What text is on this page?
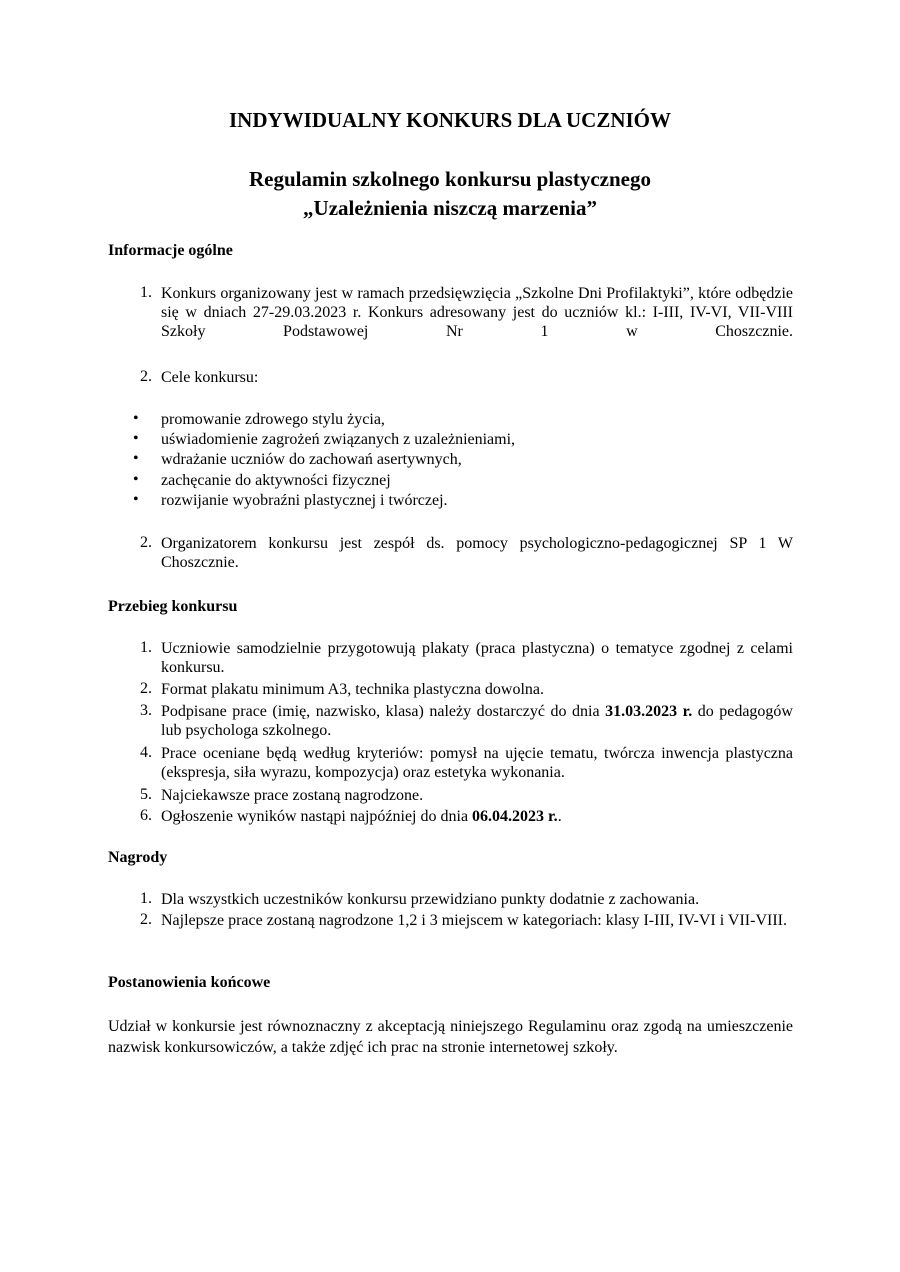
INDYWIDUALNY KONKURS DLA UCZNIÓW
Regulamin szkolnego konkursu plastycznego
„Uzależnienia niszczą marzenia”
Informacje ogólne
1. Konkurs organizowany jest w ramach przedsięwzięcia „Szkolne Dni Profilaktyki”, które odbędzie się w dniach 27-29.03.2023 r. Konkurs adresowany jest do uczniów kl.: I-III, IV-VI, VII-VIII Szkoły Podstawowej Nr 1 w Choszcznie.
2. Cele konkursu:
• promowanie zdrowego stylu życia,
• uświadomienie zagrożeń związanych z uzależnieniami,
• wdrażanie uczniów do zachowań asertywnych,
• zachęcanie do aktywności fizycznej
• rozwijanie wyobraźni plastycznej i twórczej.
2. Organizatorem konkursu jest zespół ds. pomocy psychologiczno-pedagogicznej SP 1 W Choszcznie.
Przebieg konkursu
1. Uczniowie samodzielnie przygotowują plakaty (praca plastyczna) o tematyce zgodnej z celami konkursu.
2. Format plakatu minimum A3, technika plastyczna dowolna.
3. Podpisane prace (imię, nazwisko, klasa) należy dostarczyć do dnia 31.03.2023 r. do pedagogów lub psychologa szkolnego.
4. Prace oceniane będą według kryteriów: pomysł na ujęcie tematu, twórcza inwencja plastyczna (ekspresja, siła wyrazu, kompozycja) oraz estetyka wykonania.
5. Najciekawsze prace zostaną nagrodzone.
6. Ogłoszenie wyników nastąpi najpóźniej do dnia 06.04.2023 r..
Nagrody
1. Dla wszystkich uczestników konkursu przewidziano punkty dodatnie z zachowania.
2. Najlepsze prace zostaną nagrodzone 1,2 i 3 miejscem w kategoriach: klasy I-III, IV-VI i VII-VIII.
Postanowienia końcowe
Udział w konkursie jest równoznaczny z akceptacją niniejszego Regulaminu oraz zgodą na umieszczenie nazwisk konkursowiczów, a także zdjęć ich prac na stronie internetowej szkoły.
